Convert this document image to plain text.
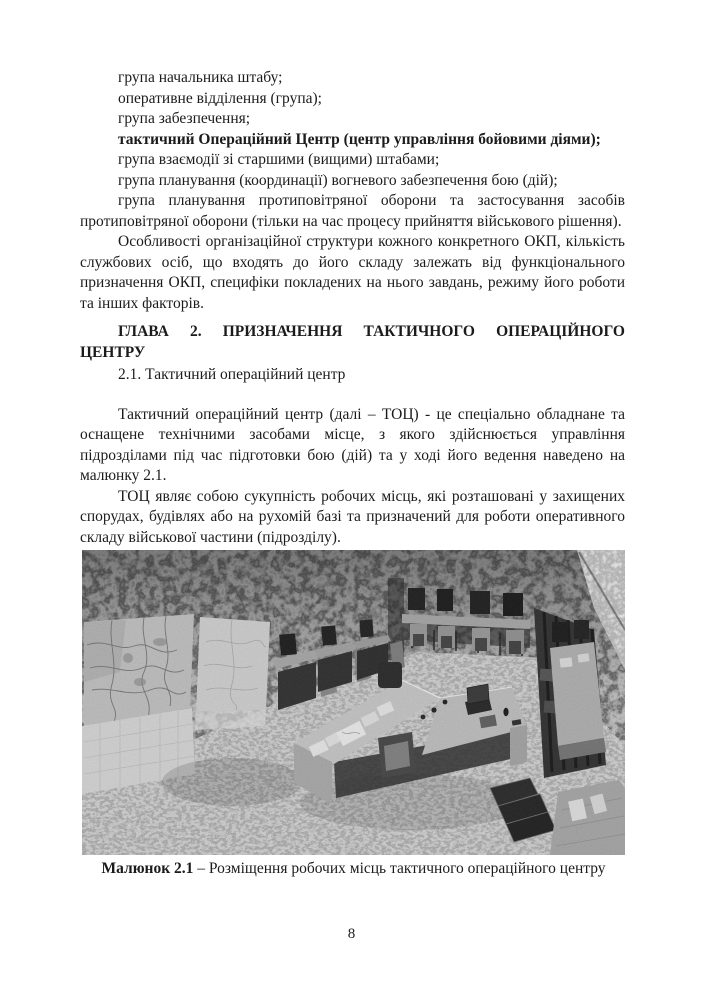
група начальника штабу;

оперативне відділення (група);

група забезпечення;

тактичний Операційний Центр (центр управління бойовими діями);

група взаємодії зі старшими (вищими) штабами;

група планування (координації) вогневого забезпечення бою (дій);

група планування протиповітряної оборони та застосування засобів протиповітряної оборони (тільки на час процесу прийняття військового рішення).

Особливості організаційної структури кожного конкретного ОКП, кількість службових осіб, що входять до його складу залежать від функціонального призначення ОКП, специфіки покладених на нього завдань, режиму його роботи та інших факторів.

ГЛАВА 2. ПРИЗНАЧЕННЯ ТАКТИЧНОГО ОПЕРАЦІЙНОГО ЦЕНТРУ
2.1. Тактичний операційний центр

Тактичний операційний центр (далі – ТОЦ) - це спеціально обладнане та оснащене технічними засобами місце, з якого здійснюється управління підрозділами під час підготовки бою (дій) та у ході його ведення наведено на малюнку 2.1.

ТОЦ являє собою сукупність робочих місць, які розташовані у захищених спорудах, будівлях або на рухомій базі та призначений для роботи оперативного складу військової частини (підрозділу).

Малюнок 2.1 – Розміщення робочих місць тактичного операційного центру
8
